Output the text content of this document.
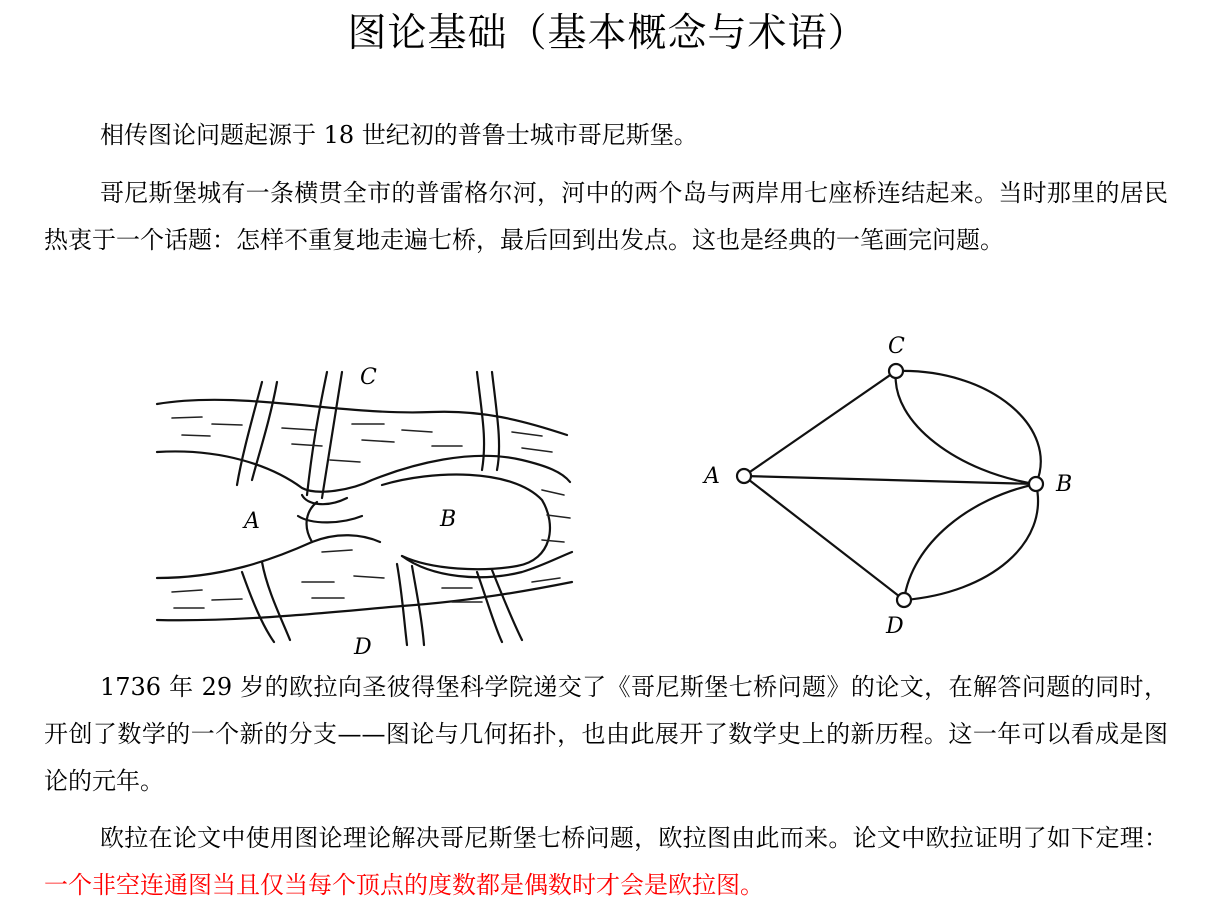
图论基础（基本概念与术语）

相传图论问题起源于 18 世纪初的普鲁士城市哥尼斯堡。

哥尼斯堡城有一条横贯全市的普雷格尔河，河中的两个岛与两岸用七座桥连结起来。当时那里的居民热衷于一个话题：怎样不重复地走遍七桥，最后回到出发点。这也是经典的一笔画完问题。

C
A	B
D
C
A	B
D

1736 年 29 岁的欧拉向圣彼得堡科学院递交了《哥尼斯堡七桥问题》的论文，在解答问题的同时，开创了数学的一个新的分支——图论与几何拓扑，也由此展开了数学史上的新历程。这一年可以看成是图论的元年。

欧拉在论文中使用图论理论解决哥尼斯堡七桥问题，欧拉图由此而来。论文中欧拉证明了如下定理：一个非空连通图当且仅当每个顶点的度数都是偶数时才会是欧拉图。
